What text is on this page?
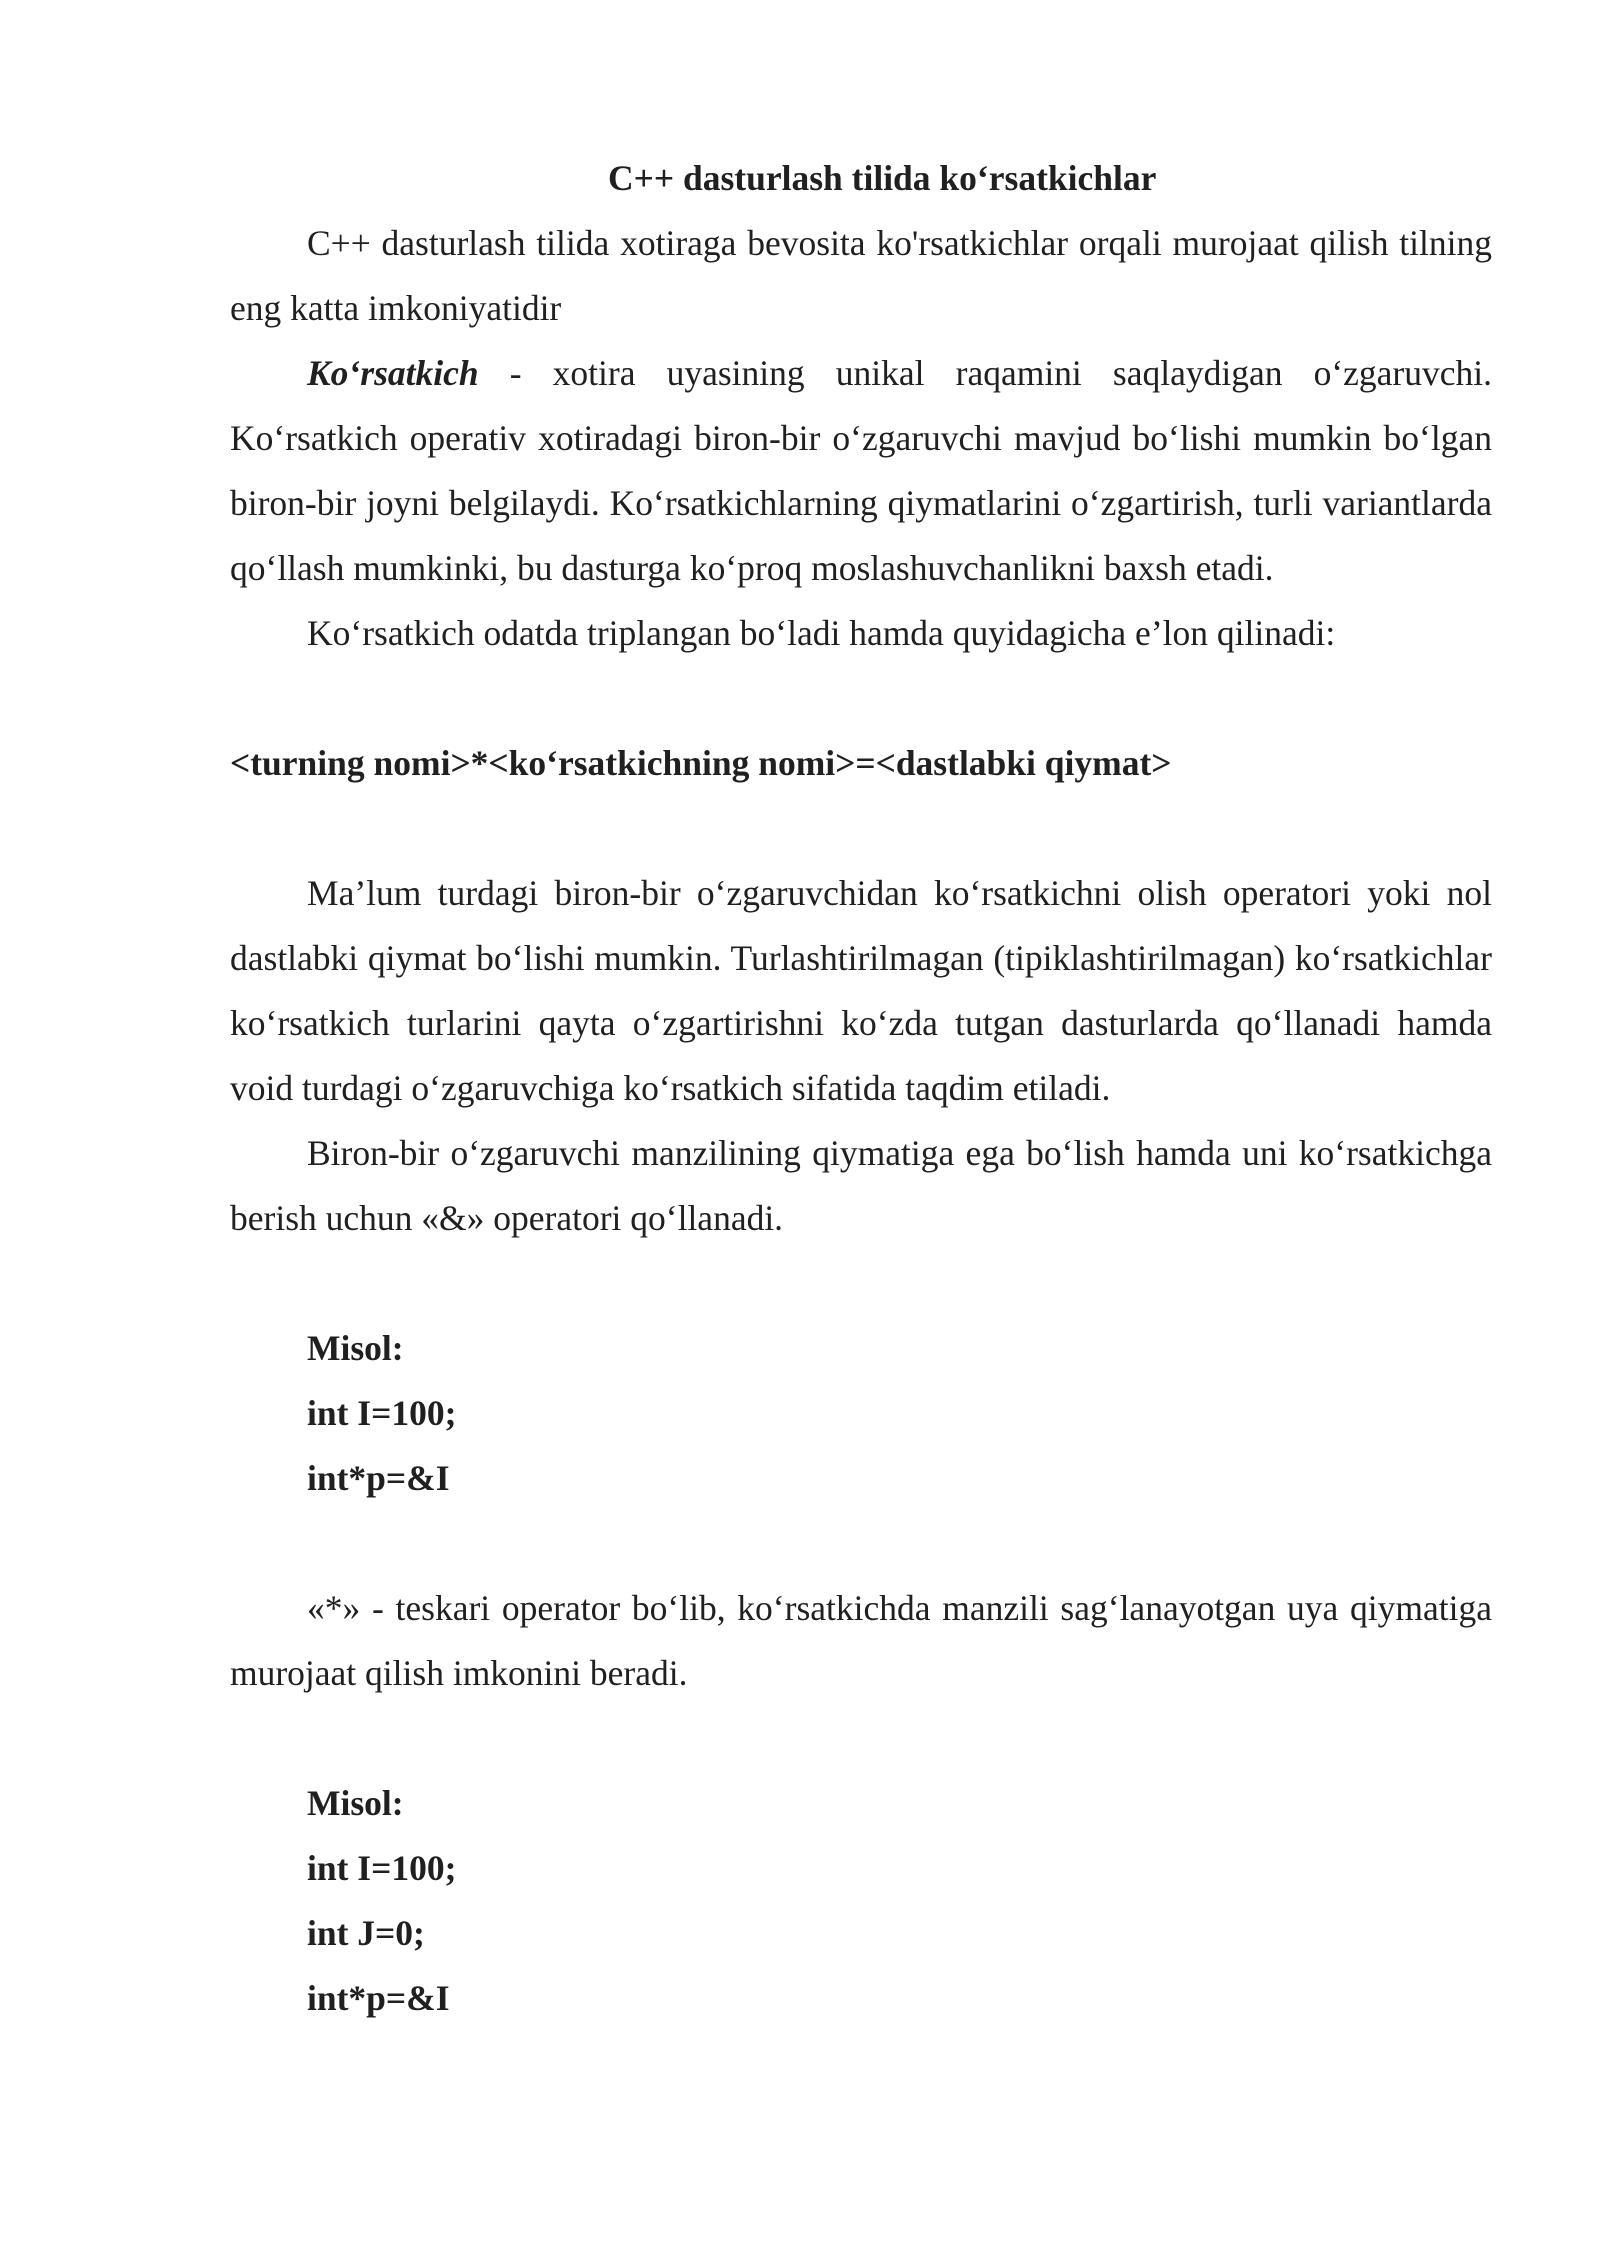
C++ dasturlash tilida ko‘rsatkichlar

C++ dasturlash tilida xotiraga bevosita ko'rsatkichlar orqali murojaat qilish tilning eng katta imkoniyatidir

Ko‘rsatkich - xotira uyasining unikal raqamini saqlaydigan o‘zgaruvchi. Ko‘rsatkich operativ xotiradagi biron-bir o‘zgaruvchi mavjud bo‘lishi mumkin bo‘lgan biron-bir joyni belgilaydi. Ko‘rsatkichlarning qiymatlarini o‘zgartirish, turli variantlarda qo‘llash mumkinki, bu dasturga ko‘proq moslashuvchanlikni baxsh etadi.

Ko‘rsatkich odatda triplangan bo‘ladi hamda quyidagicha e’lon qilinadi:

<turning nomi>*<ko‘rsatkichning nomi>=<dastlabki qiymat>

Ma’lum turdagi biron-bir o‘zgaruvchidan ko‘rsatkichni olish operatori yoki nol dastlabki qiymat bo‘lishi mumkin. Turlashtirilmagan (tipiklashtirilmagan) ko‘rsatkichlar ko‘rsatkich turlarini qayta o‘zgartirishni ko‘zda tutgan dasturlarda qo‘llanadi hamda void turdagi o‘zgaruvchiga ko‘rsatkich sifatida taqdim etiladi.

Biron-bir o‘zgaruvchi manzilining qiymatiga ega bo‘lish hamda uni ko‘rsatkichga berish uchun «&» operatori qo‘llanadi.

Misol:

int I=100;

int*p=&I

«*» - teskari operator bo‘lib, ko‘rsatkichda manzili sag‘lanayotgan uya qiymatiga murojaat qilish imkonini beradi.

Misol:

int I=100;

int J=0;

int*p=&I
